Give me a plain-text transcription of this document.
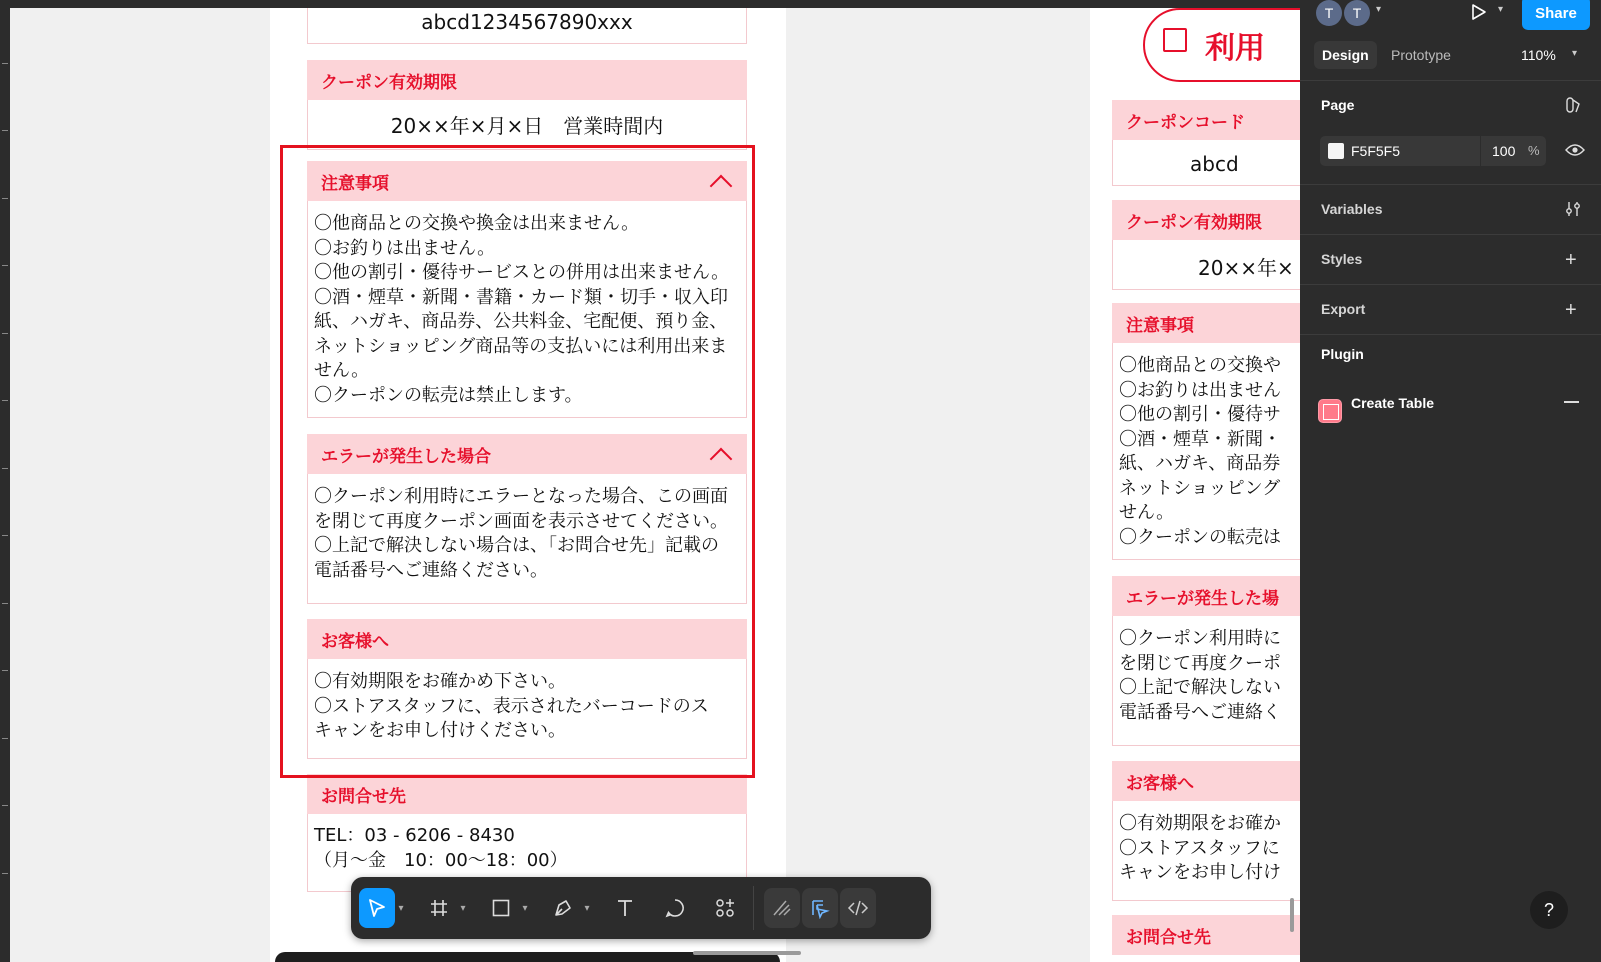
abcd1234567890xxx
クーポン有効期限
20××年×月×日　営業時間内
注意事項

〇他商品との交換や換金は出来ません。

〇お釣りは出ません。

〇他の割引・優待サービスとの併用は出来ません。

〇酒・煙草・新聞・書籍・カード類・切手・収入印

紙、ハガキ、商品券、公共料金、宅配便、預り金、

ネットショッピング商品等の支払いには利用出来ま

せん。

〇クーポンの転売は禁止します。

エラーが発生した場合

〇クーポン利用時にエラーとなった場合、この画面

を閉じて再度クーポン画面を表示させてください。

〇上記で解決しない場合は、「お問合せ先」記載の

電話番号へご連絡ください。

お客様へ

〇有効期限をお確かめ下さい。

〇ストアスタッフに、表示されたバーコードのス

キャンをお申し付けください。

お問合せ先

TEL：03 - 6206 - 8430

（月〜金　10：00〜18：00）

利用
クーポンコード
abcd
クーポン有効期限
20××年×
注意事項

〇他商品との交換や

〇お釣りは出ません

〇他の割引・優待サ

〇酒・煙草・新聞・

紙、ハガキ、商品券

ネットショッピング

せん。

〇クーポンの転売は

エラーが発生した場

〇クーポン利用時に

を閉じて再度クーポ

〇上記で解決しない

電話番号へご連絡く

お客様へ

〇有効期限をお確か

〇ストアスタッフに

キャンをお申し付け

お問合せ先
▾	▾	▾	▾
T	T	▾	▾
Design	Prototype	110% ▾
Page
Variables
Styles	+
Export	+
Plugin
Create Table
Share
F5F5F5	100 %
?
